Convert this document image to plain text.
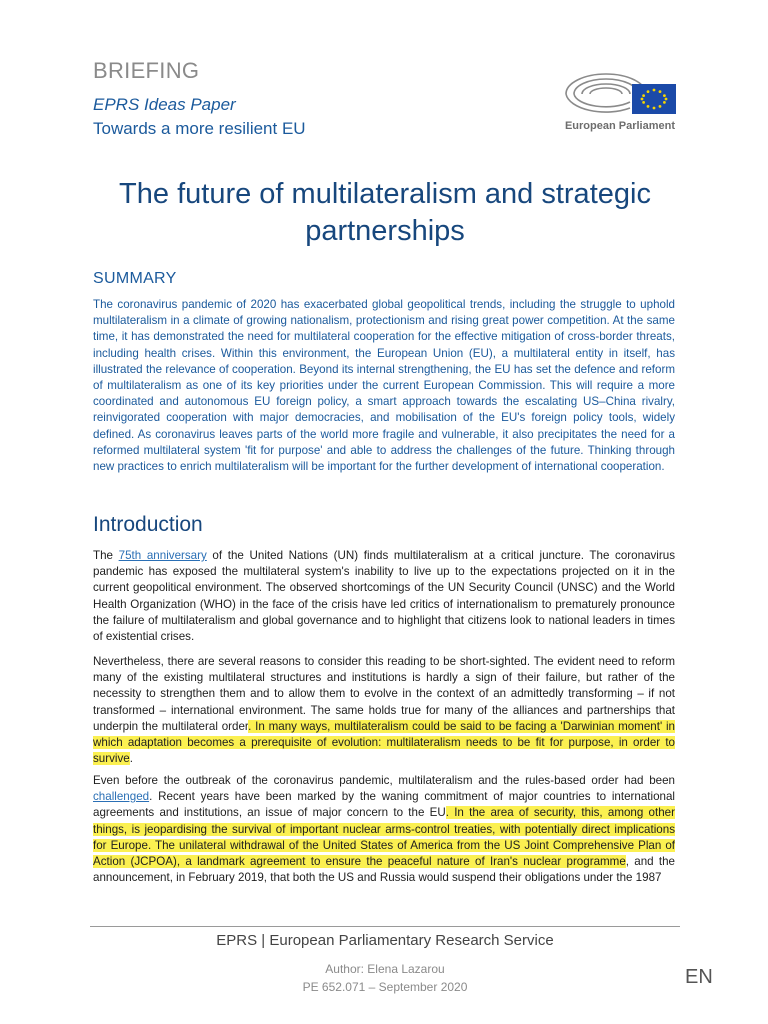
BRIEFING
EPRS Ideas Paper
Towards a more resilient EU	European Parliament
The future of multilateralism and strategic partnerships
SUMMARY

The coronavirus pandemic of 2020 has exacerbated global geopolitical trends, including the struggle to uphold multilateralism in a climate of growing nationalism, protectionism and rising great power competition. At the same time, it has demonstrated the need for multilateral cooperation for the effective mitigation of cross-border threats, including health crises. Within this environment, the European Union (EU), a multilateral entity in itself, has illustrated the relevance of cooperation. Beyond its internal strengthening, the EU has set the defence and reform of multilateralism as one of its key priorities under the current European Commission. This will require a more coordinated and autonomous EU foreign policy, a smart approach towards the escalating US–China rivalry, reinvigorated cooperation with major democracies, and mobilisation of the EU's foreign policy tools, widely defined. As coronavirus leaves parts of the world more fragile and vulnerable, it also precipitates the need for a reformed multilateral system 'fit for purpose' and able to address the challenges of the future. Thinking through new practices to enrich multilateralism will be important for the further development of international cooperation.

Introduction

The 75th anniversary of the United Nations (UN) finds multilateralism at a critical juncture. The coronavirus pandemic has exposed the multilateral system's inability to live up to the expectations projected on it in the current geopolitical environment. The observed shortcomings of the UN Security Council (UNSC) and the World Health Organization (WHO) in the face of the crisis have led critics of internationalism to prematurely pronounce the failure of multilateralism and global governance and to highlight that citizens look to national leaders in times of existential crises.

Nevertheless, there are several reasons to consider this reading to be short-sighted. The evident need to reform many of the existing multilateral structures and institutions is hardly a sign of their failure, but rather of the necessity to strengthen them and to allow them to evolve in the context of an admittedly transforming – if not transformed – international environment. The same holds true for many of the alliances and partnerships that underpin the multilateral order. In many ways, multilateralism could be said to be facing a 'Darwinian moment' in which adaptation becomes a prerequisite of evolution: multilateralism needs to be fit for purpose, in order to survive.

Even before the outbreak of the coronavirus pandemic, multilateralism and the rules-based order had been challenged. Recent years have been marked by the waning commitment of major countries to international agreements and institutions, an issue of major concern to the EU. In the area of security, this, among other things, is jeopardising the survival of important nuclear arms-control treaties, with potentially direct implications for Europe. The unilateral withdrawal of the United States of America from the US Joint Comprehensive Plan of Action (JCPOA), a landmark agreement to ensure the peaceful nature of Iran's nuclear programme, and the announcement, in February 2019, that both the US and Russia would suspend their obligations under the 1987

EPRS | European Parliamentary Research Service
Author: Elena Lazarou
PE 652.071 – September 2020	EN
